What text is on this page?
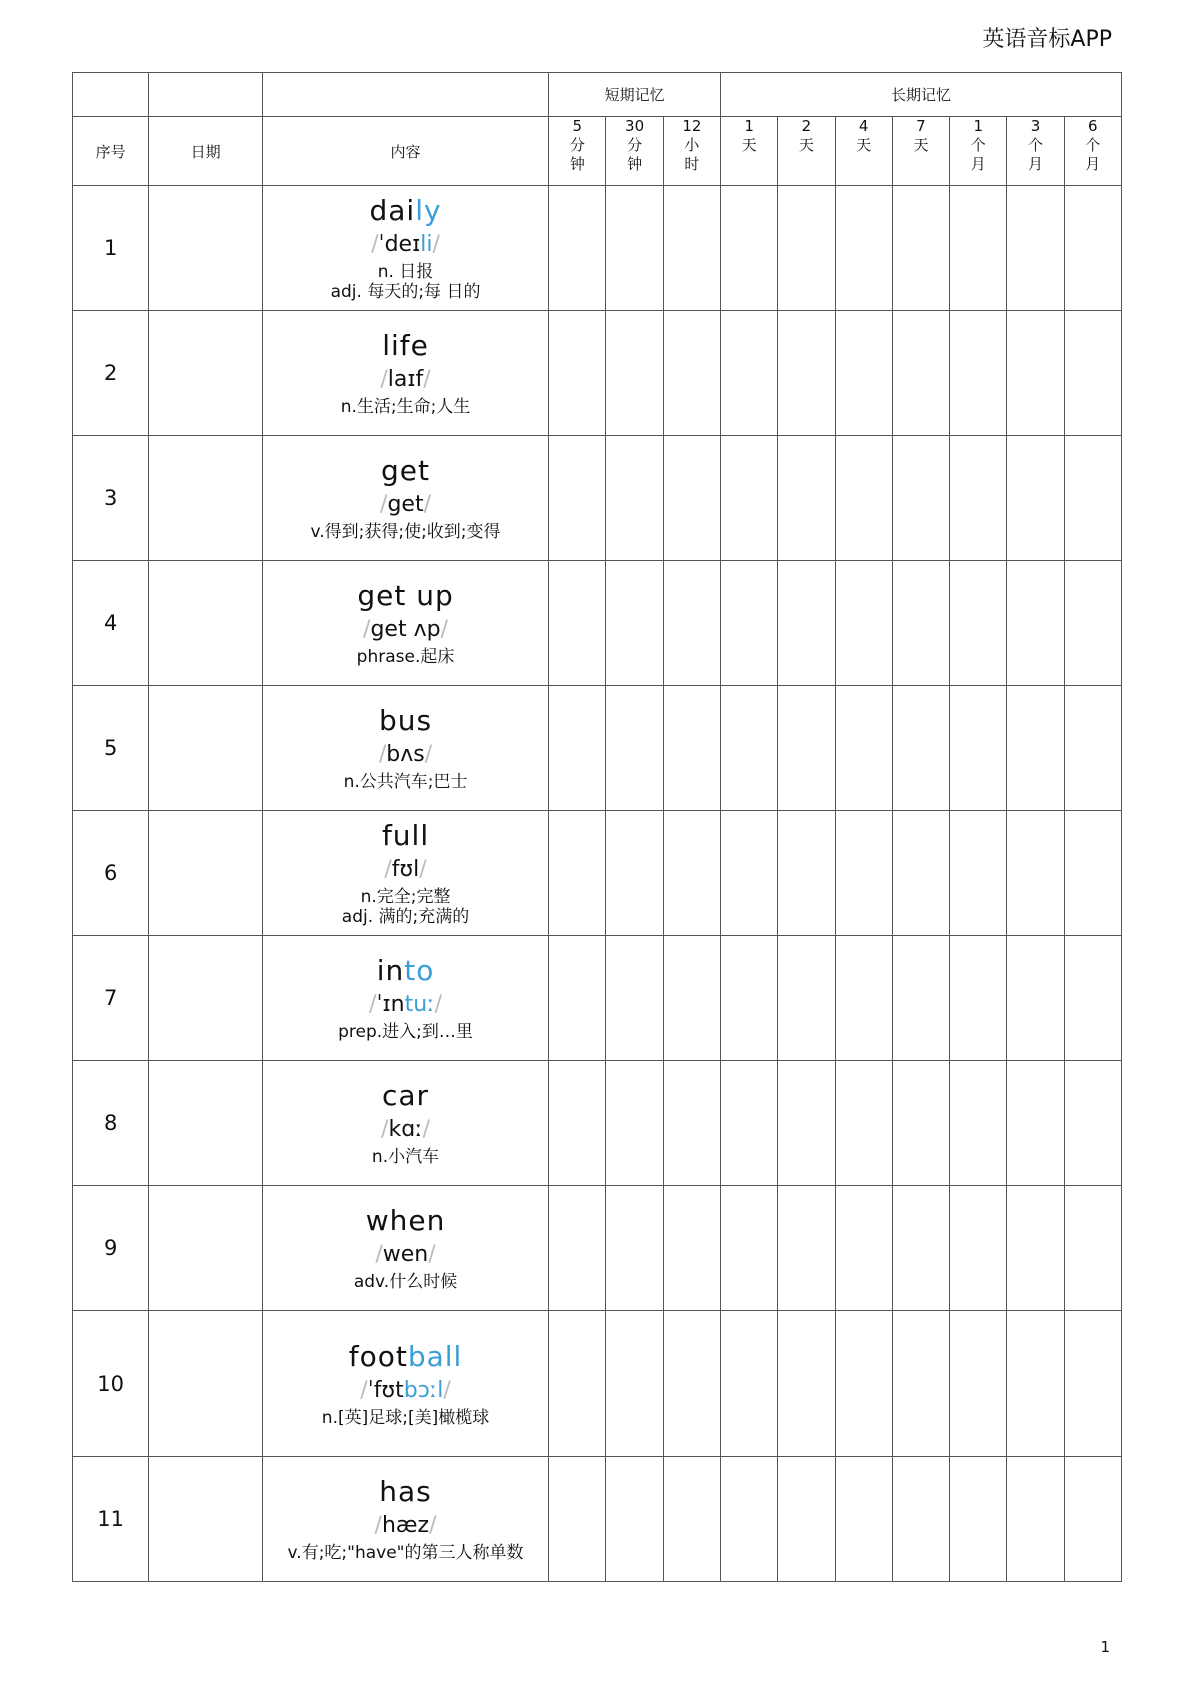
英语音标APP
			短期记忆			长期记忆						
序号	日期	内容	5
分
钟	30
分
钟	12
小
时	1
天	2
天	4
天	7
天	1
个
月	3
个
月	6
个
月

1		daily
/ˈdeɪli/
n. 日报
adj. 每天的;每 日的										

2		life
/laɪf/
n.生活;生命;人生										

3		get
/get/
v.得到;获得;使;收到;变得										

4		get up
/get ʌp/
phrase.起床										

5		bus
/bʌs/
n.公共汽车;巴士										

6		full
/fʊl/
n.完全;完整
adj. 满的;充满的										

7		into
/ˈɪntuː/
prep.进入;到…里										

8		car
/kɑː/
n.小汽车										

9		when
/wen/
adv.什么时候										

10		football
/ˈfʊtbɔːl/
n.[英]足球;[美]橄榄球										

11		has
/hæz/
v.有;吃;"have"的第三人称单数										

1
